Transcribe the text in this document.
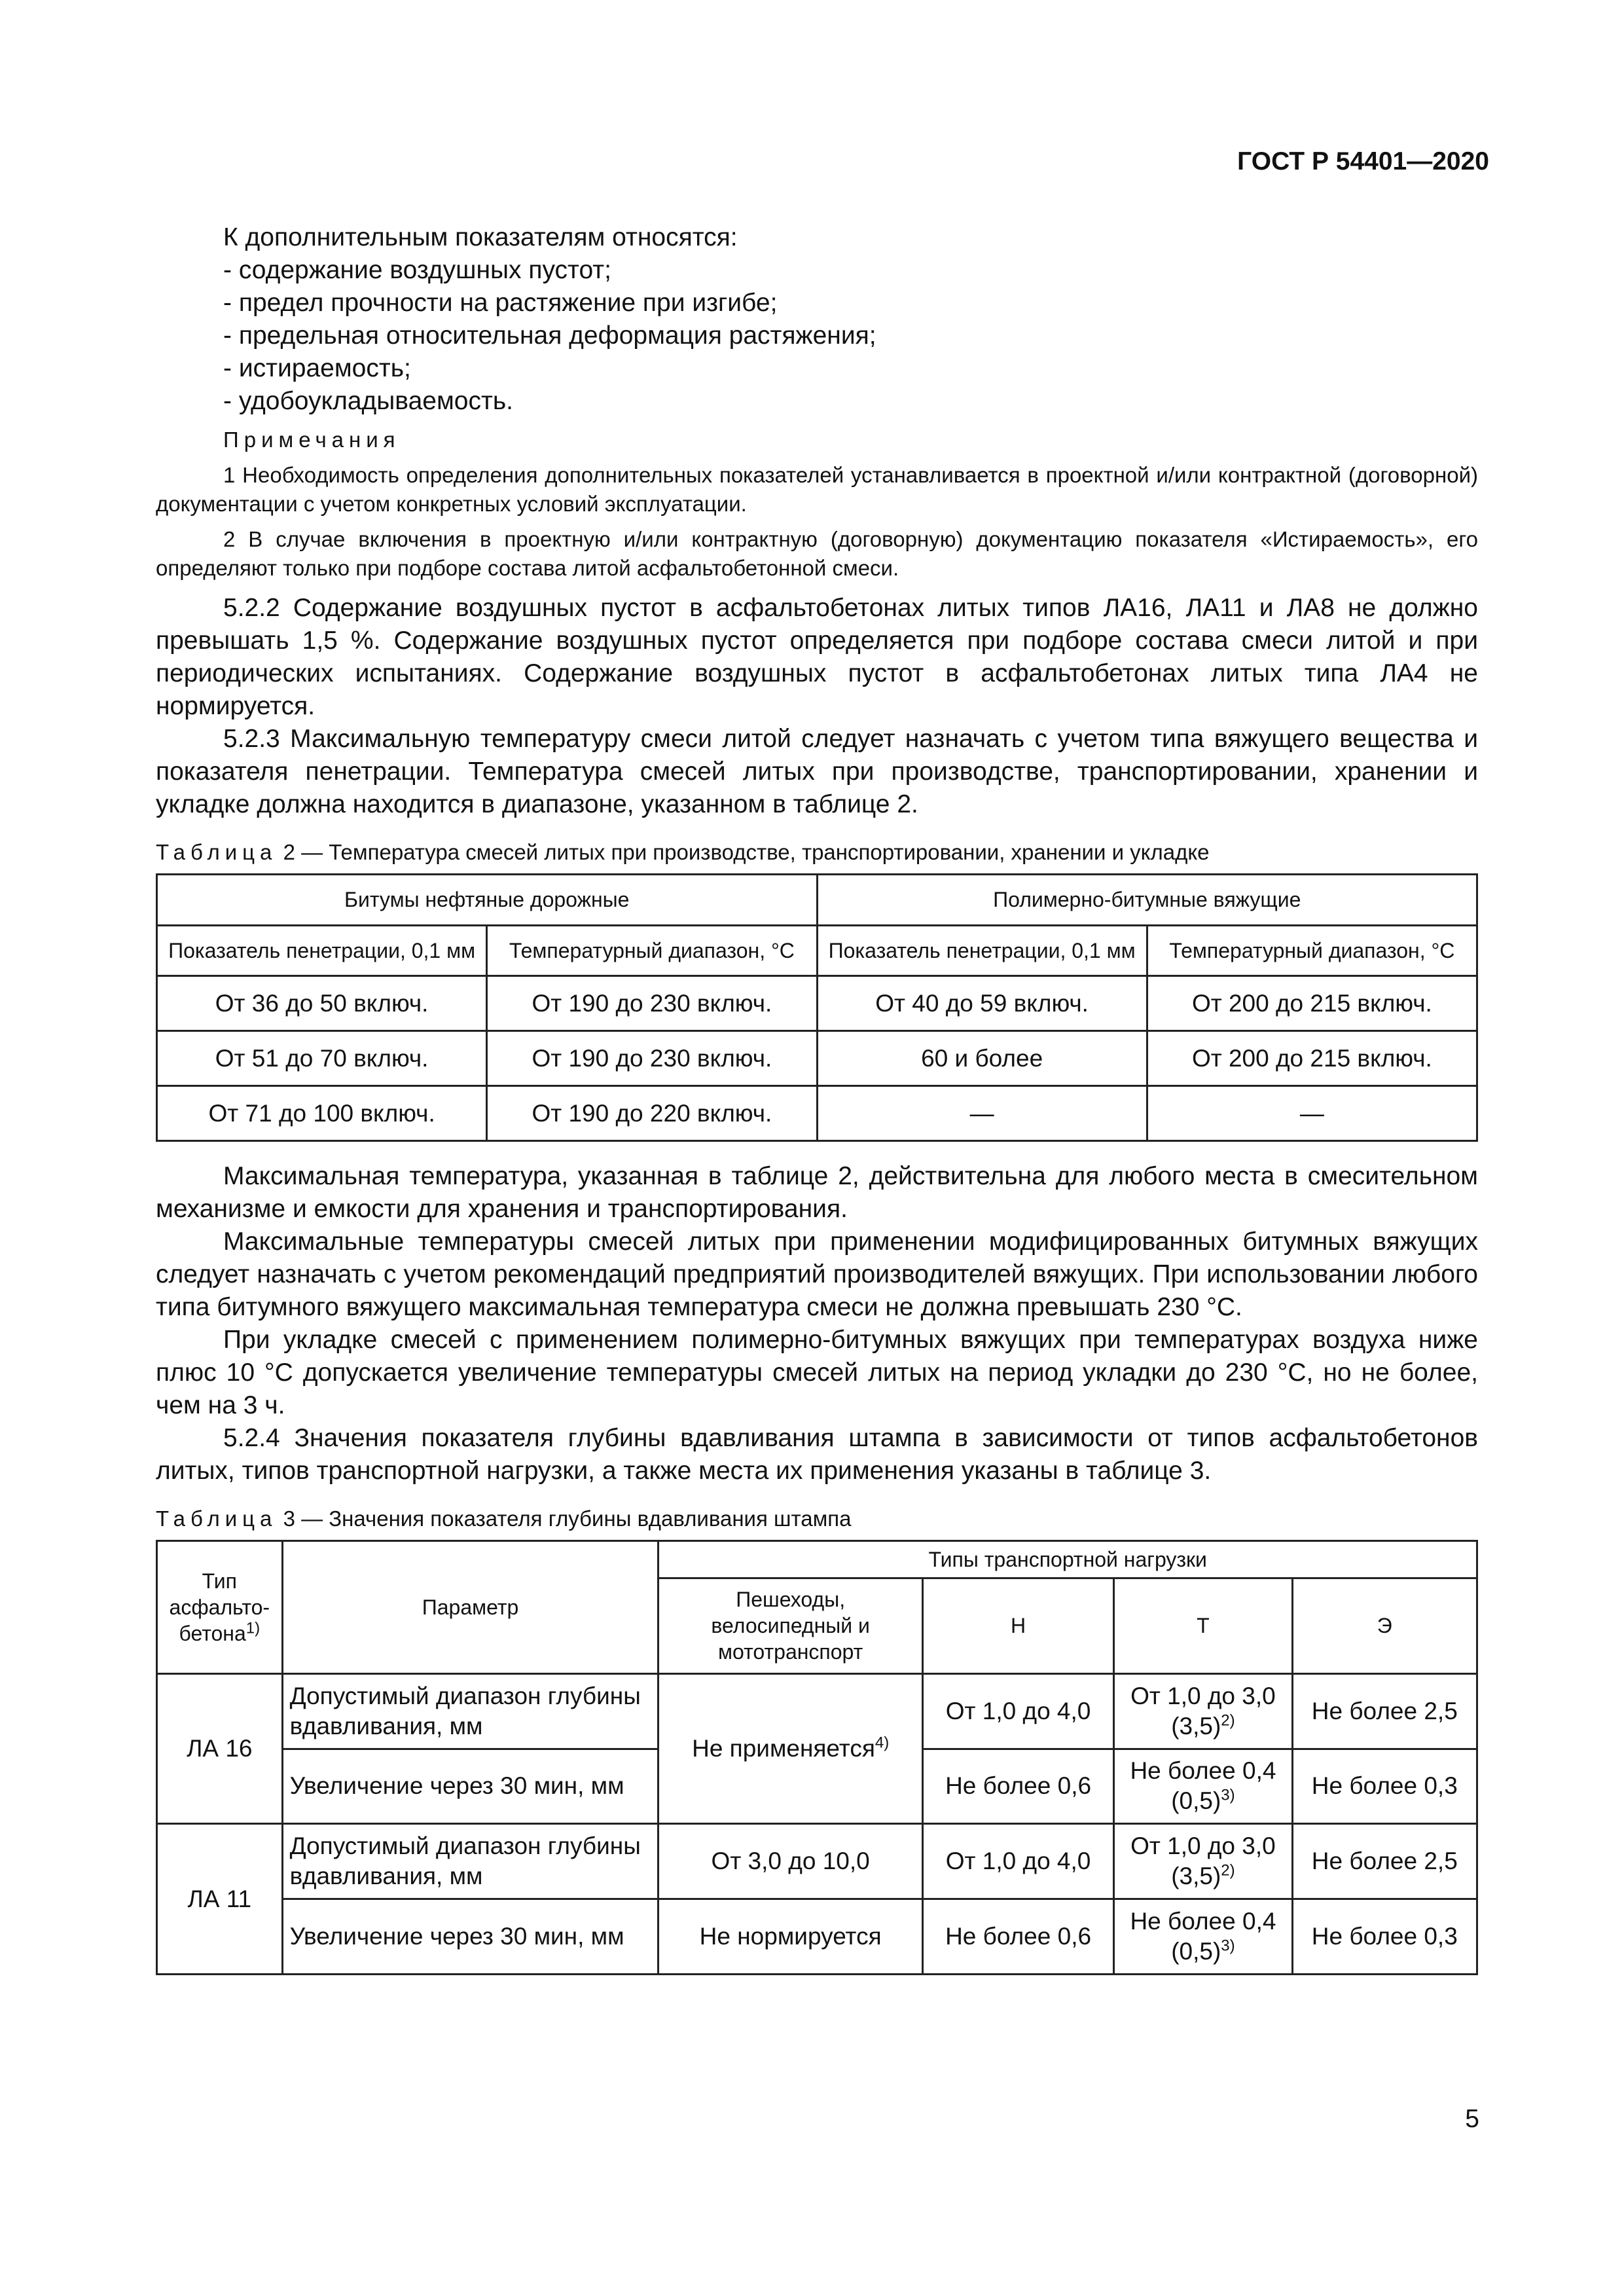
ГОСТ Р 54401—2020

К дополнительным показателям относятся:

- содержание воздушных пустот;
- предел прочности на растяжение при изгибе;
- предельная относительная деформация растяжения;
- истираемость;
- удобоукладываемость.
Примечания

1 Необходимость определения дополнительных показателей устанавливается в проектной и/или контрактной (договорной) документации с учетом конкретных условий эксплуатации.

2 В случае включения в проектную и/или контрактную (договорную) документацию показателя «Истираемость», его определяют только при подборе состава литой асфальтобетонной смеси.

5.2.2 Содержание воздушных пустот в асфальтобетонах литых типов ЛА16, ЛА11 и ЛА8 не должно превышать 1,5 %. Содержание воздушных пустот определяется при подборе состава смеси литой и при периодических испытаниях. Содержание воздушных пустот в асфальтобетонах литых типа ЛА4 не нормируется.

5.2.3 Максимальную температуру смеси литой следует назначать с учетом типа вяжущего вещества и показателя пенетрации. Температура смесей литых при производстве, транспортировании, хранении и укладке должна находится в диапазоне, указанном в таблице 2.

Таблица 2 — Температура смесей литых при производстве, транспортировании, хранении и укладке
Битумы нефтяные дорожные		Полимерно-битумные вяжущие	
Показатель пенетрации, 0,1 мм	Температурный диапазон, °С	Показатель пенетрации, 0,1 мм	Температурный диапазон, °С
От 36 до 50 включ.	От 190 до 230 включ.	От 40 до 59 включ.	От 200 до 215 включ.
От 51 до 70 включ.	От 190 до 230 включ.	60 и более	От 200 до 215 включ.
От 71 до 100 включ.	От 190 до 220 включ.	—	—

Максимальная температура, указанная в таблице 2, действительна для любого места в смесительном механизме и емкости для хранения и транспортирования.

Максимальные температуры смесей литых при применении модифицированных битумных вяжущих следует назначать с учетом рекомендаций предприятий производителей вяжущих. При использовании любого типа битумного вяжущего максимальная температура смеси не должна превышать 230 °С.

При укладке смесей с применением полимерно-битумных вяжущих при температурах воздуха ниже плюс 10 °С допускается увеличение температуры смесей литых на период укладки до 230 °С, но не более, чем на 3 ч.

5.2.4 Значения показателя глубины вдавливания штампа в зависимости от типов асфальтобетонов литых, типов транспортной нагрузки, а также места их применения указаны в таблице 3.

Таблица 3 — Значения показателя глубины вдавливания штампа
Тип асфальто-бетона$^{1)}$	Параметр	Типы транспортной нагрузки			
		Пешеходы, велосипедный и мототранспорт	Н	Т	Э
ЛА 16	Допустимый диапазон глубины вдавливания, мм	Не применяется$^{4)}$	От 1,0 до 4,0	От 1,0 до 3,0 $(3,5)^{2)}$	Не более 2,5
	Увеличение через 30 мин, мм		Не более 0,6	Не более 0,4 $(0,5)^{3)}$	Не более 0,3
ЛА 11	Допустимый диапазон глубины вдавливания, мм	От 3,0 до 10,0	От 1,0 до 4,0	От 1,0 до 3,0 $(3,5)^{2)}$	Не более 2,5
	Увеличение через 30 мин, мм	Не нормируется	Не более 0,6	Не более 0,4 $(0,5)^{3)}$	Не более 0,3
5
